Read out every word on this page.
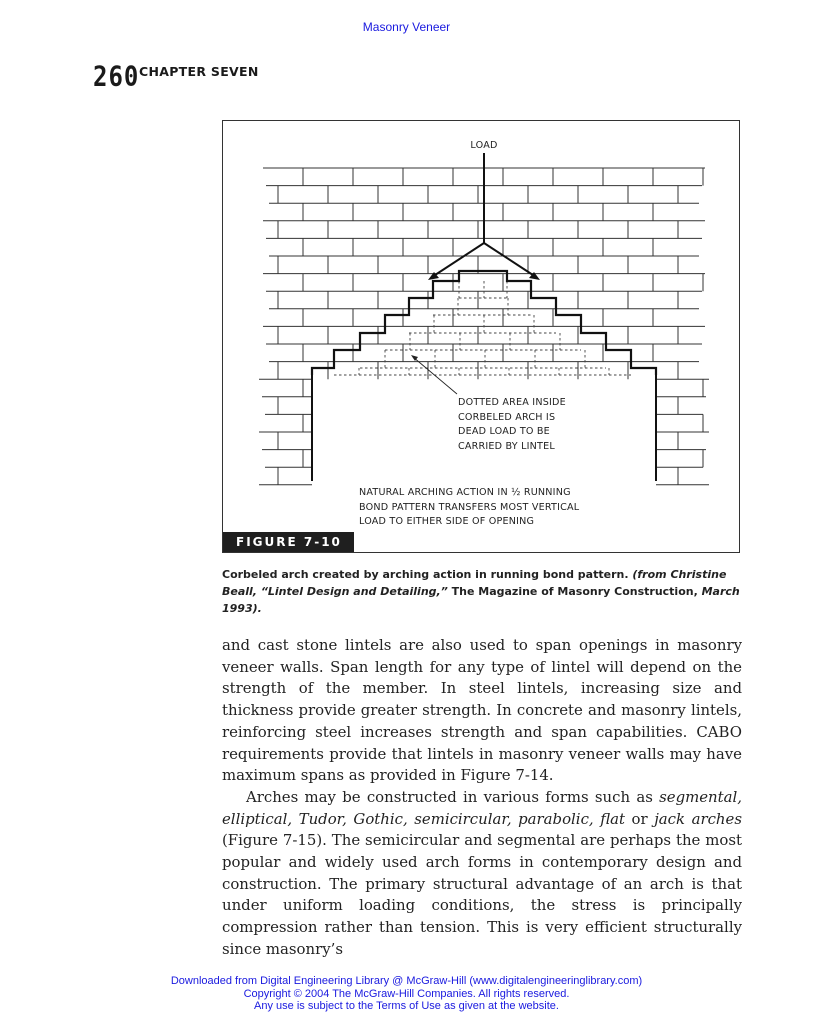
Masonry Veneer
260 CHAPTER SEVEN
LOAD
DOTTED AREA INSIDE
CORBELED ARCH IS
DEAD LOAD TO BE
CARRIED BY LINTEL
NATURAL ARCHING ACTION IN ½ RUNNING
BOND PATTERN TRANSFERS MOST VERTICAL
LOAD TO EITHER SIDE OF OPENING
FIGURE 7-10
Corbeled arch created by arching action in running bond pattern. (from Christine Beall, “Lintel Design and Detailing,” The Magazine of Masonry Construction, March 1993).

and cast stone lintels are also used to span openings in masonry veneer walls. Span length for any type of lintel will depend on the strength of the member. In steel lintels, increasing size and thickness provide greater strength. In concrete and masonry lintels, reinforcing steel increases strength and span capabilities. CABO requirements provide that lintels in masonry veneer walls may have maximum spans as provided in Figure 7-14.

Arches may be constructed in various forms such as segmental, elliptical, Tudor, Gothic, semicircular, parabolic, flat or jack arches (Figure 7-15). The semicircular and segmental are perhaps the most popular and widely used arch forms in contemporary design and construction. The primary structural advantage of an arch is that under uniform loading conditions, the stress is principally compression rather than tension. This is very efficient structurally since masonry’s

Downloaded from Digital Engineering Library @ McGraw-Hill (www.digitalengineeringlibrary.com)
Copyright © 2004 The McGraw-Hill Companies. All rights reserved.
Any use is subject to the Terms of Use as given at the website.
